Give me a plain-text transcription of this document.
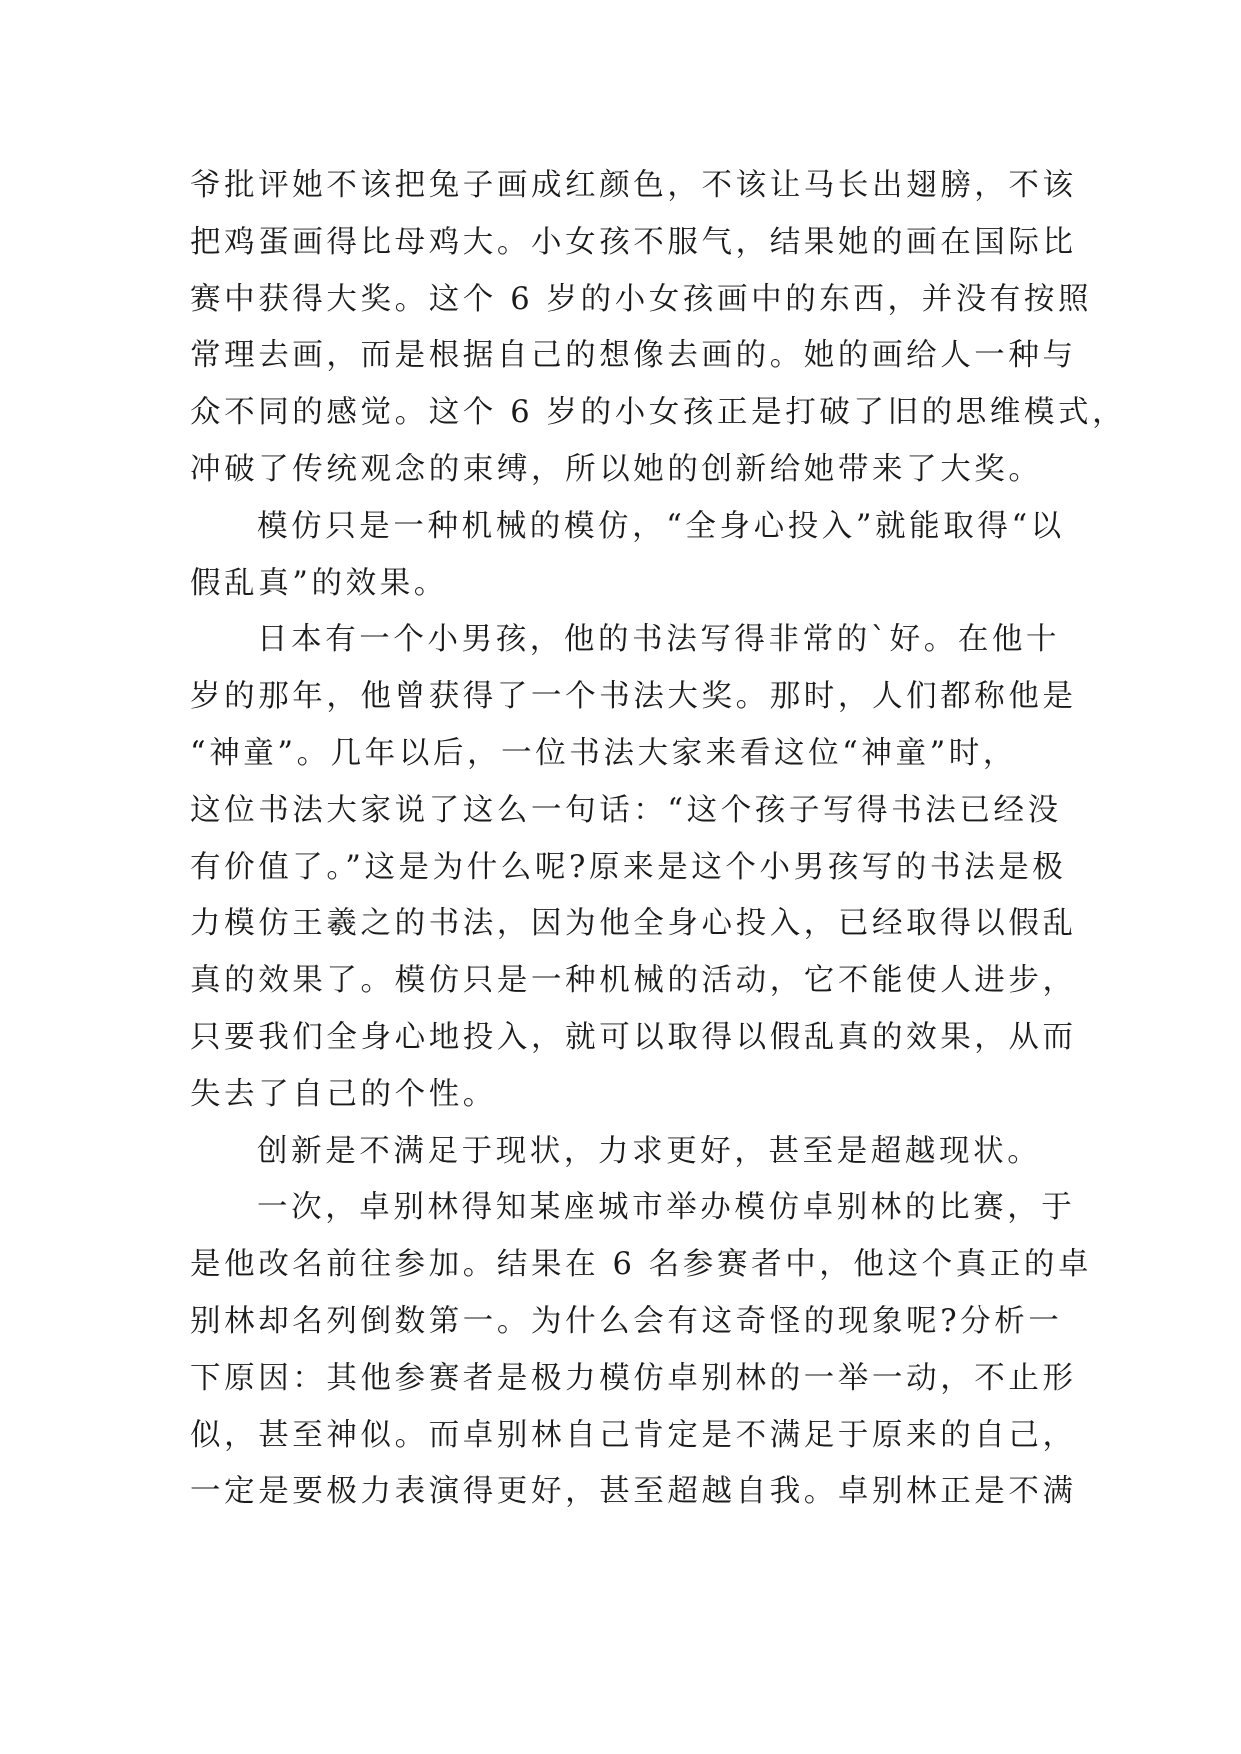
爷批评她不该把兔子画成红颜色，不该让马长出翅膀，不该
把鸡蛋画得比母鸡大。小女孩不服气，结果她的画在国际比
赛中获得大奖。这个 6 岁的小女孩画中的东西，并没有按照
常理去画，而是根据自己的想像去画的。她的画给人一种与
众不同的感觉。这个 6 岁的小女孩正是打破了旧的思维模式，
冲破了传统观念的束缚，所以她的创新给她带来了大奖。

模仿只是一种机械的模仿，“全身心投入”就能取得“以
假乱真”的效果。

日本有一个小男孩，他的书法写得非常的`好。在他十
岁的那年，他曾获得了一个书法大奖。那时，人们都称他是
“神童”。几年以后，一位书法大家来看这位“神童”时，
这位书法大家说了这么一句话：“这个孩子写得书法已经没
有价值了。”这是为什么呢?原来是这个小男孩写的书法是极
力模仿王羲之的书法，因为他全身心投入，已经取得以假乱
真的效果了。模仿只是一种机械的活动，它不能使人进步，
只要我们全身心地投入，就可以取得以假乱真的效果，从而
失去了自己的个性。

创新是不满足于现状，力求更好，甚至是超越现状。

一次，卓别林得知某座城市举办模仿卓别林的比赛，于
是他改名前往参加。结果在 6 名参赛者中，他这个真正的卓
别林却名列倒数第一。为什么会有这奇怪的现象呢?分析一
下原因：其他参赛者是极力模仿卓别林的一举一动，不止形
似，甚至神似。而卓别林自己肯定是不满足于原来的自己，
一定是要极力表演得更好，甚至超越自我。卓别林正是不满
